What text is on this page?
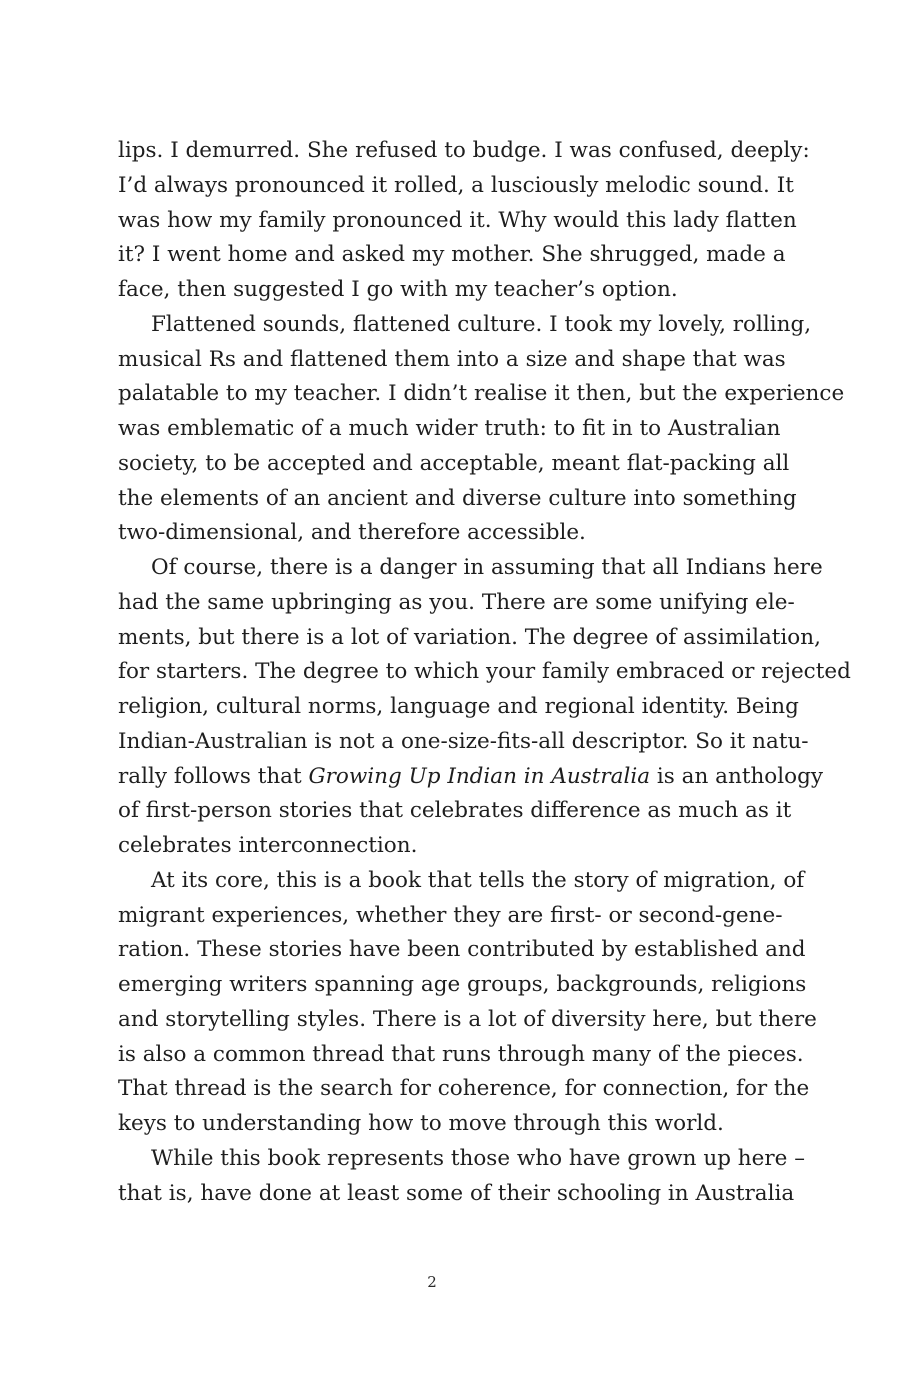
lips. I demurred. She refused to budge. I was confused, deeply:
I’d always pronounced it rolled, a lusciously melodic sound. It
was how my family pronounced it. Why would this lady flatten
it? I went home and asked my mother. She shrugged, made a
face, then suggested I go with my teacher’s option.

Flattened sounds, flattened culture. I took my lovely, rolling,
musical Rs and flattened them into a size and shape that was
palatable to my teacher. I didn’t realise it then, but the experience
was emblematic of a much wider truth: to fit in to Australian
society, to be accepted and acceptable, meant flat-packing all
the elements of an ancient and diverse culture into something
two-dimensional, and therefore accessible.

Of course, there is a danger in assuming that all Indians here
had the same upbringing as you. There are some unifying ele-
ments, but there is a lot of variation. The degree of assimilation,
for starters. The degree to which your family embraced or rejected
religion, cultural norms, language and regional identity. Being
Indian-Australian is not a one-size-fits-all descriptor. So it natu-
rally follows that Growing Up Indian in Australia is an anthology
of first-person stories that celebrates difference as much as it
celebrates interconnection.

At its core, this is a book that tells the story of migration, of
migrant experiences, whether they are first- or second-gene-
ration. These stories have been contributed by established and
emerging writers spanning age groups, backgrounds, religions
and storytelling styles. There is a lot of diversity here, but there
is also a common thread that runs through many of the pieces.
That thread is the search for coherence, for connection, for the
keys to understanding how to move through this world.

While this book represents those who have grown up here –
that is, have done at least some of their schooling in Australia

2
